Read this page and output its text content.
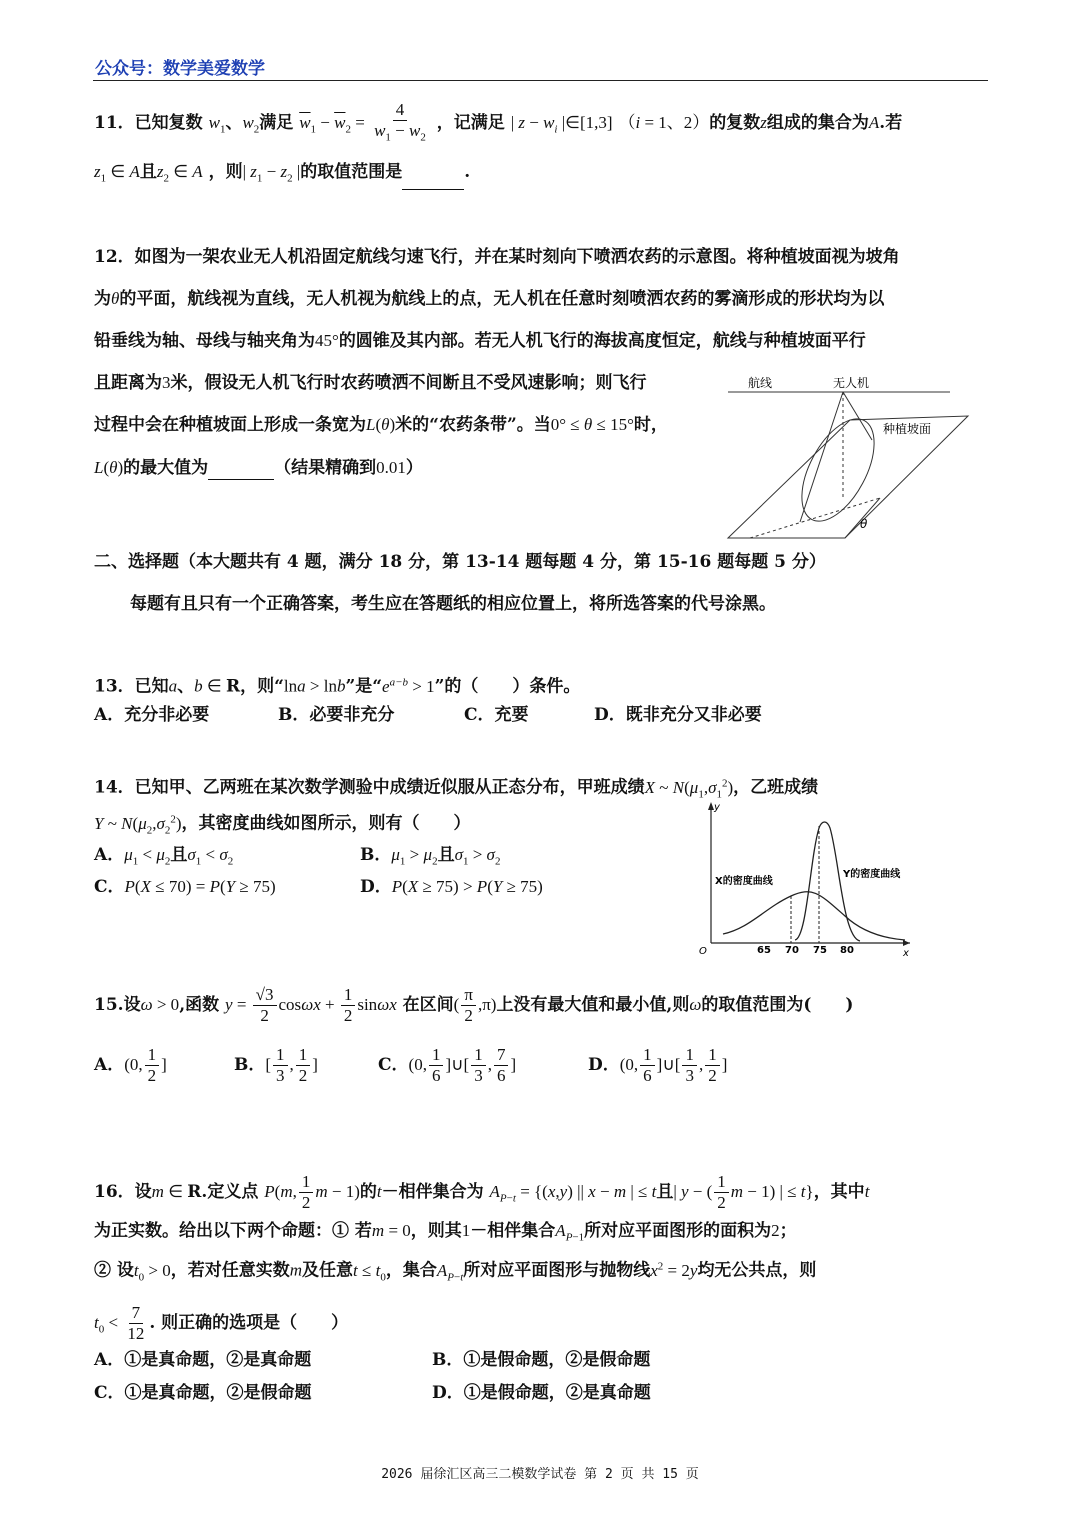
公众号：数学美爱数学
11．已知复数 $w_1$、$w_2$满足 $\overline{w}_1 - \overline{w}_2 = \frac{4}{w_1 - w_2}$ ，记满足 | $z - w_i$ |∈[1,3] （i = 1、2）的复数z组成的集合为A.若
$z_1$ ∈ A且$z_2$ ∈ A ，则| $z_1 - z_2$ |的取值范围是	.
12．如图为一架农业无人机沿固定航线匀速飞行，并在某时刻向下喷洒农药的示意图。将种植坡面视为坡角
为θ的平面，航线视为直线，无人机视为航线上的点，无人机在任意时刻喷洒农药的雾滴形成的形状均为以
铅垂线为轴、母线与轴夹角为45°的圆锥及其内部。若无人机飞行的海拔高度恒定，航线与种植坡面平行
且距离为3米，假设无人机飞行时农药喷洒不间断且不受风速影响；则飞行
过程中会在种植坡面上形成一条宽为L(θ)米的“农药条带”。当0° ≤ θ ≤ 15°时，
L(θ)的最大值为	（结果精确到0.01）
航线	无人机
种植坡面
θ
二、选择题（本大题共有 4 题，满分 18 分，第 13-14 题每题 4 分，第 15-16 题每题 5 分）
每题有且只有一个正确答案，考生应在答题纸的相应位置上，将所选答案的代号涂黑。
13．已知a、b ∈ R，则“lna > lnb”是“$e^{a-b} > 1$”的（　　）条件。
A．充分非必要	B．必要非充分	C．充要	D．既非充分又非必要
14．已知甲、乙两班在某次数学测验中成绩近似服从正态分布，甲班成绩X ~ $N(\mu_1,\sigma_1^2)$，乙班成绩
Y ~ $N(\mu_2,\sigma_2^2)$，其密度曲线如图所示，则有（　　）
A．$\mu_1 < \mu_2$且$\sigma_1 < \sigma_2$	B．$\mu_1 > \mu_2$且$\sigma_1 > \sigma_2$
C．P(X ≤ 70) = P(Y ≥ 75)	D．P(X ≥ 75) > P(Y ≥ 75)
y
x
O
X的密度曲线
Y的密度曲线
65 70 75 80
15.设ω > 0,函数 $y = \frac{√3}{2}$ $\cos\omega x + \frac{1}{2}$ sinωx 在区间( $\frac{\pi}{2} ,\pi$)上没有最大值和最小值,则ω的取值范围为(　　)
A．(0, $\frac{1}{2}$ ]	B．[ $\frac{1}{3}$ , $\frac{1}{2}$ ]	C．(0, $\frac{1}{6}$ ]∪[ $\frac{1}{3}$ , $\frac{7}{6}$ ]	D．(0, $\frac{1}{6}$ ]∪[ $\frac{1}{3}$ , $\frac{1}{2}$ ]
16．设m ∈ R.定义点 P(m, $\frac{1}{2}$ m − 1)的t－相伴集合为 $A_{P-t} = \{(x,y)$ || x − m | ≤ t且| y − ( $\frac{1}{2}$ m − 1) | ≤ t}，其中t
为正实数。给出以下两个命题：① 若m = 0，则其1－相伴集合$A_{P-1}$所对应平面图形的面积为2；
② 设$t_0 > 0$，若对任意实数m及任意$t \le t_0$，集合$A_{P-t}$所对应平面图形与抛物线$x^2 = 2y$均无公共点，则
$t_0 < \frac{7}{12}$ . 则正确的选项是（　　）
A．①是真命题，②是真命题	B．①是假命题，②是假命题
C．①是真命题，②是假命题	D．①是假命题，②是真命题
2026 届徐汇区高三二模数学试卷 第 2 页 共 15 页
